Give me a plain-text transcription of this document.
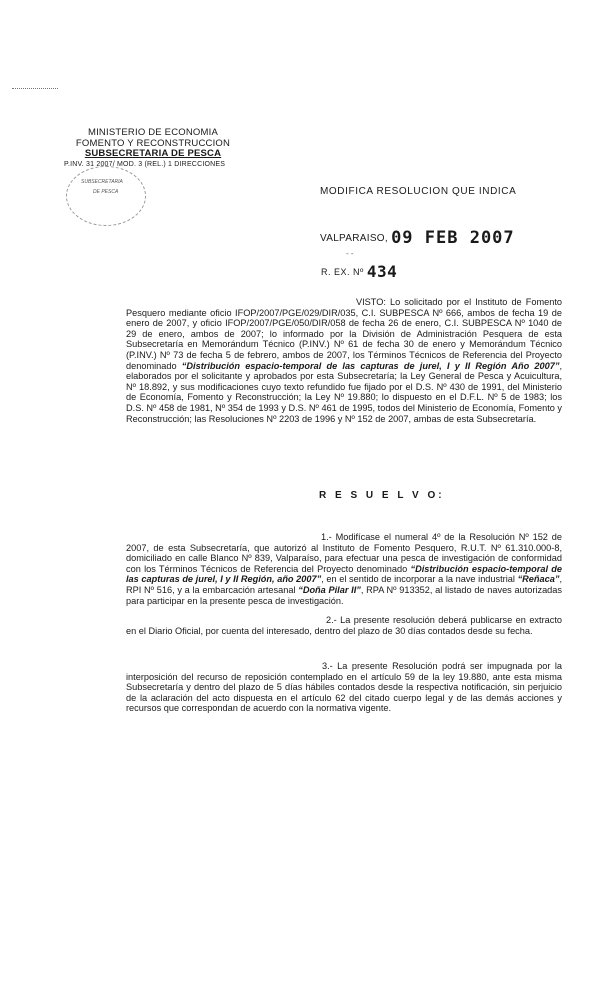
MINISTERIO DE ECONOMIA
FOMENTO Y RECONSTRUCCION
SUBSECRETARIA DE PESCA
P.INV. 31 2007/ MOD. 3 (REL.) 1 DIRECCIONES
SUBSECRETARIA
DE PESCA	MODIFICA RESOLUCION QUE INDICA
VALPARAISO, 09 FEB 2007
- -
R. EX. Nº 434
VISTO: Lo solicitado por el Instituto de Fomento Pesquero mediante oficio IFOP/2007/PGE/029/DIR/035, C.I. SUBPESCA Nº 666, ambos de fecha 19 de enero de 2007, y oficio IFOP/2007/PGE/050/DIR/058 de fecha 26 de enero, C.I. SUBPESCA Nº 1040 de 29 de enero, ambos de 2007; lo informado por la División de Administración Pesquera de esta Subsecretaría en Memorándum Técnico (P.INV.) Nº 61 de fecha 30 de enero y Memorándum Técnico (P.INV.) Nº 73 de fecha 5 de febrero, ambos de 2007, los Términos Técnicos de Referencia del Proyecto denominado “Distribución espacio-temporal de las capturas de jurel, I y II Región Año 2007”, elaborados por el solicitante y aprobados por esta Subsecretaría; la Ley General de Pesca y Acuicultura, Nº 18.892, y sus modificaciones cuyo texto refundido fue fijado por el D.S. Nº 430 de 1991, del Ministerio de Economía, Fomento y Reconstrucción; la Ley Nº 19.880; lo dispuesto en el D.F.L. Nº 5 de 1983; los D.S. Nº 458 de 1981, Nº 354 de 1993 y D.S. Nº 461 de 1995, todos del Ministerio de Economía, Fomento y Reconstrucción; las Resoluciones Nº 2203 de 1996 y Nº 152 de 2007, ambas de esta Subsecretaría.
R E S U E L V O:
1.- Modifícase el numeral 4º de la Resolución Nº 152 de 2007, de esta Subsecretaría, que autorizó al Instituto de Fomento Pesquero, R.U.T. Nº 61.310.000-8, domiciliado en calle Blanco Nº 839, Valparaíso, para efectuar una pesca de investigación de conformidad con los Términos Técnicos de Referencia del Proyecto denominado “Distribución espacio-temporal de las capturas de jurel, I y II Región, año 2007”, en el sentido de incorporar a la nave industrial “Reñaca”, RPI Nº 516, y a la embarcación artesanal “Doña Pilar II”, RPA Nº 913352, al listado de naves autorizadas para participar en la presente pesca de investigación.
2.- La presente resolución deberá publicarse en extracto en el Diario Oficial, por cuenta del interesado, dentro del plazo de 30 días contados desde su fecha.
3.- La presente Resolución podrá ser impugnada por la interposición del recurso de reposición contemplado en el artículo 59 de la ley 19.880, ante esta misma Subsecretaría y dentro del plazo de 5 días hábiles contados desde la respectiva notificación, sin perjuicio de la aclaración del acto dispuesta en el artículo 62 del citado cuerpo legal y de las demás acciones y recursos que correspondan de acuerdo con la normativa vigente.
